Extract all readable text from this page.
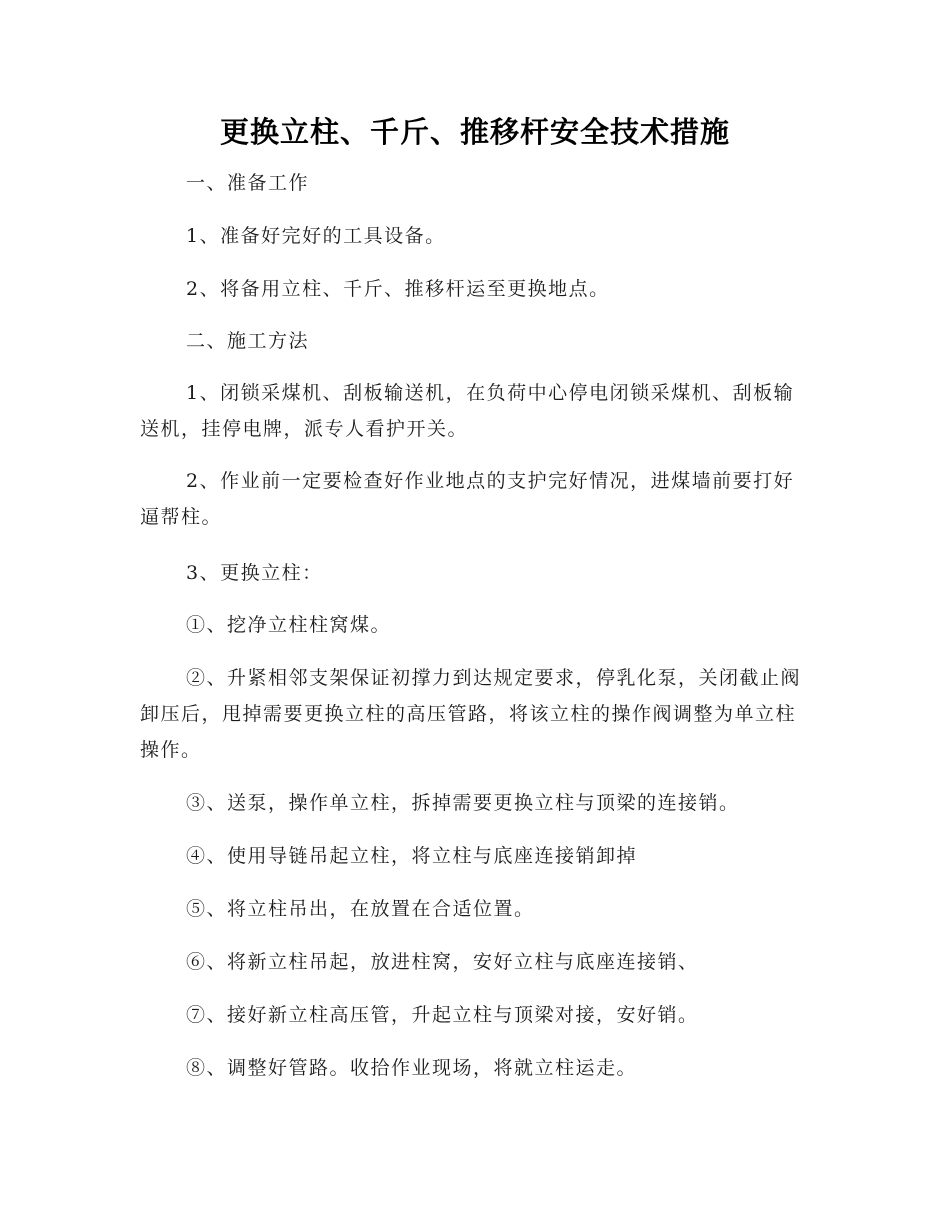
更换立柱、千斤、推移杆安全技术措施

一、准备工作

1、准备好完好的工具设备。

2、将备用立柱、千斤、推移杆运至更换地点。

二、施工方法

1、闭锁采煤机、刮板输送机，在负荷中心停电闭锁采煤机、刮板输送机，挂停电牌，派专人看护开关。

2、作业前一定要检查好作业地点的支护完好情况，进煤墙前要打好逼帮柱。

3、更换立柱：

①、挖净立柱柱窝煤。

②、升紧相邻支架保证初撑力到达规定要求，停乳化泵，关闭截止阀卸压后，甩掉需要更换立柱的高压管路，将该立柱的操作阀调整为单立柱操作。

③、送泵，操作单立柱，拆掉需要更换立柱与顶梁的连接销。

④、使用导链吊起立柱，将立柱与底座连接销卸掉

⑤、将立柱吊出，在放置在合适位置。

⑥、将新立柱吊起，放进柱窝，安好立柱与底座连接销、

⑦、接好新立柱高压管，升起立柱与顶梁对接，安好销。

⑧、调整好管路。收拾作业现场，将就立柱运走。
